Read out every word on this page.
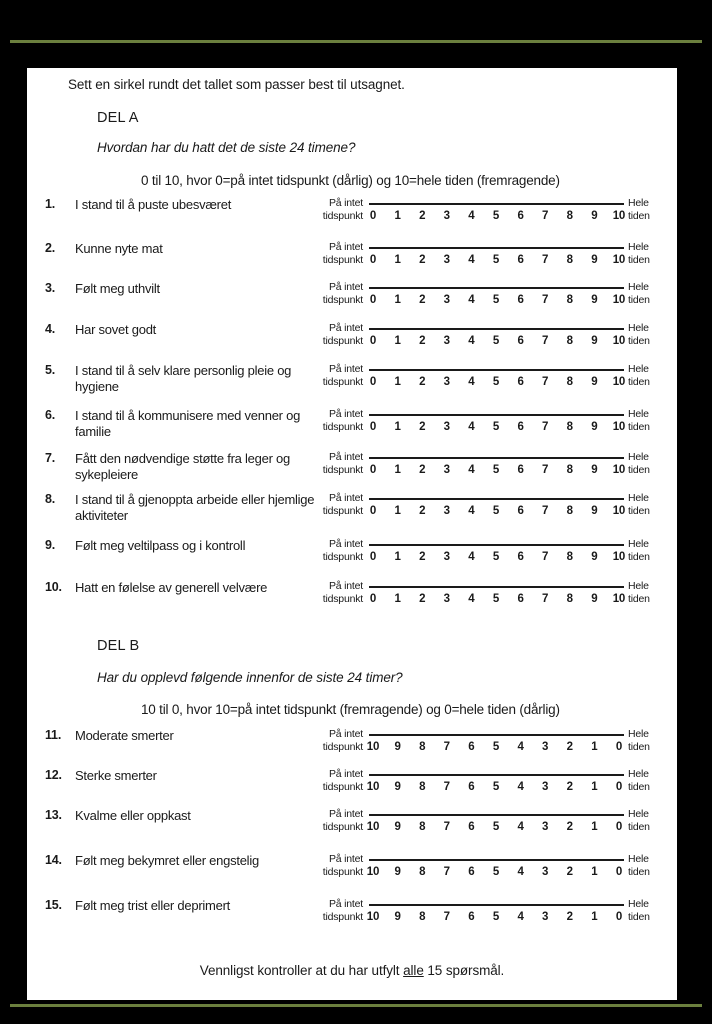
Sett en sirkel rundt det tallet som passer best til utsagnet.
DEL A
Hvordan har du hatt det de siste 24 timene?
0 til 10, hvor 0=på intet tidspunkt (dårlig) og 10=hele tiden (fremragende)
1.	I stand til å puste ubesværet	På intet	Hele
tidspunkt 0	1	2	3	4	5	6	7	8	9	10 tiden
2.	Kunne nyte mat	På intet	Hele
tidspunkt 0	1	2	3	4	5	6	7	8	9	10 tiden
3.	Følt meg uthvilt	På intet	Hele
tidspunkt 0	1	2	3	4	5	6	7	8	9	10 tiden
4.	Har sovet godt	På intet	Hele
tidspunkt 0	1	2	3	4	5	6	7	8	9	10 tiden
5.	I stand til å selv klare personlig pleie og hygiene
På intet	Hele
tidspunkt 0	1	2	3	4	5	6	7	8	9	10 tiden
6.	I stand til å kommunisere med venner og familie
På intet	Hele
tidspunkt 0	1	2	3	4	5	6	7	8	9	10 tiden
7.	Fått den nødvendige støtte fra leger og sykepleiere
På intet	Hele
tidspunkt 0	1	2	3	4	5	6	7	8	9	10 tiden
8.	I stand til å gjenoppta arbeide eller hjemlige aktiviteter
På intet	Hele
tidspunkt 0	1	2	3	4	5	6	7	8	9	10 tiden
9.	Følt meg veltilpass og i kontroll	På intet	Hele
tidspunkt 0	1	2	3	4	5	6	7	8	9	10 tiden
10.	Hatt en følelse av generell velvære	På intet	Hele
tidspunkt 0	1	2	3	4	5	6	7	8	9	10 tiden
DEL B
Har du opplevd følgende innenfor de siste 24 timer?
10 til 0, hvor 10=på intet tidspunkt (fremragende) og 0=hele tiden (dårlig)
11.	Moderate smerter	På intet	Hele
tidspunkt 10	9	8	7	6	5	4	3	2	1	0 tiden
12.	Sterke smerter	På intet	Hele
tidspunkt 10	9	8	7	6	5	4	3	2	1	0 tiden
13.	Kvalme eller oppkast	På intet	Hele
tidspunkt 10	9	8	7	6	5	4	3	2	1	0 tiden
14.	Følt meg bekymret eller engstelig	På intet	Hele
tidspunkt 10	9	8	7	6	5	4	3	2	1	0 tiden
15.	Følt meg trist eller deprimert	På intet	Hele
tidspunkt 10	9	8	7	6	5	4	3	2	1	0 tiden
Vennligst kontroller at du har utfylt alle 15 spørsmål.
